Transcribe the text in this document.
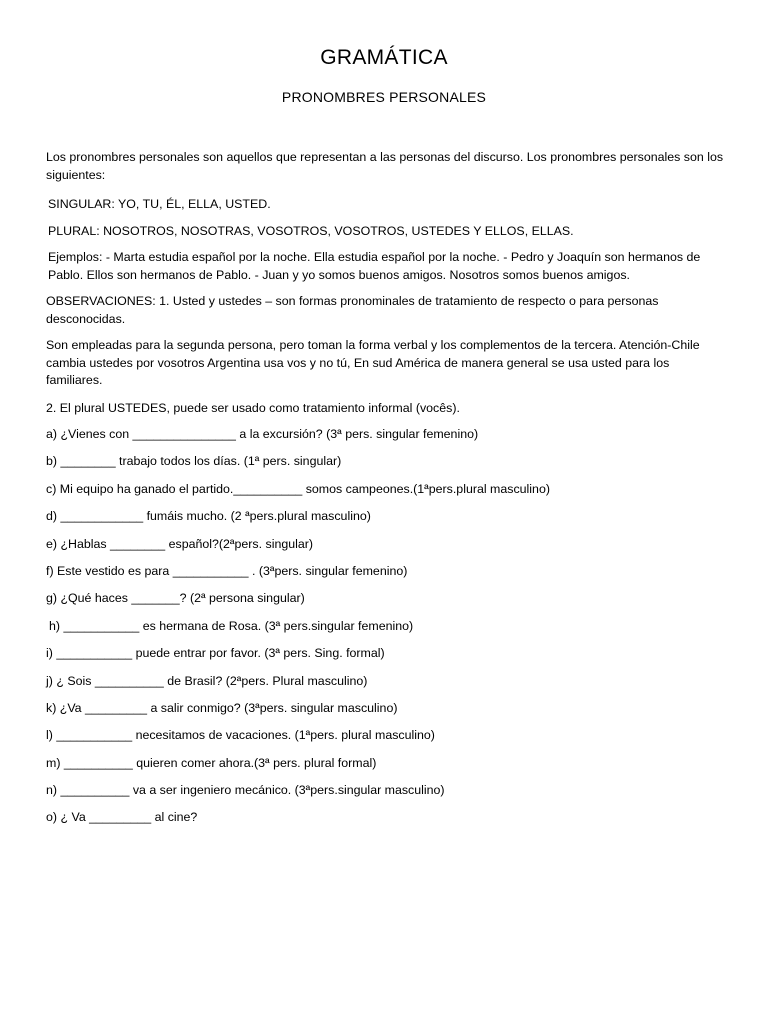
GRAMÁTICA
PRONOMBRES PERSONALES

Los pronombres personales son aquellos que representan a las personas del discurso. Los pronombres personales son los siguientes:

SINGULAR: YO, TU, ÉL, ELLA, USTED.

PLURAL: NOSOTROS, NOSOTRAS, VOSOTROS, VOSOTROS, USTEDES Y ELLOS, ELLAS.

Ejemplos: - Marta estudia español por la noche. Ella estudia español por la noche. - Pedro y Joaquín son hermanos de Pablo. Ellos son hermanos de Pablo. - Juan y yo somos buenos amigos. Nosotros somos buenos amigos.

OBSERVACIONES: 1. Usted y ustedes – son formas pronominales de tratamiento de respecto o para personas desconocidas.

Son empleadas para la segunda persona, pero toman la forma verbal y los complementos de la tercera. Atención-Chile cambia ustedes por vosotros Argentina usa vos y no tú, En sud América de manera general se usa usted para los familiares.

2. El plural USTEDES, puede ser usado como tratamiento informal (vocês).

a) ¿Vienes con _______________ a la excursión? (3ª pers. singular femenino)

b) ________ trabajo todos los días. (1ª pers. singular)

c) Mi equipo ha ganado el partido.__________ somos campeones.(1ªpers.plural masculino)

d) ____________ fumáis mucho. (2 ªpers.plural masculino)

e) ¿Hablas ________ español?(2ªpers. singular)

f) Este vestido es para ___________ . (3ªpers. singular femenino)

g) ¿Qué haces _______? (2ª persona singular)

h) ___________ es hermana de Rosa. (3ª pers.singular femenino)

i) ___________ puede entrar por favor. (3ª pers. Sing. formal)

j) ¿ Sois __________ de Brasil? (2ªpers. Plural masculino)

k) ¿Va _________ a salir conmigo? (3ªpers. singular masculino)

l) ___________ necesitamos de vacaciones. (1ªpers. plural masculino)

m) __________ quieren comer ahora.(3ª pers. plural formal)

n) __________ va a ser ingeniero mecánico. (3ªpers.singular masculino)

o) ¿ Va _________ al cine?
